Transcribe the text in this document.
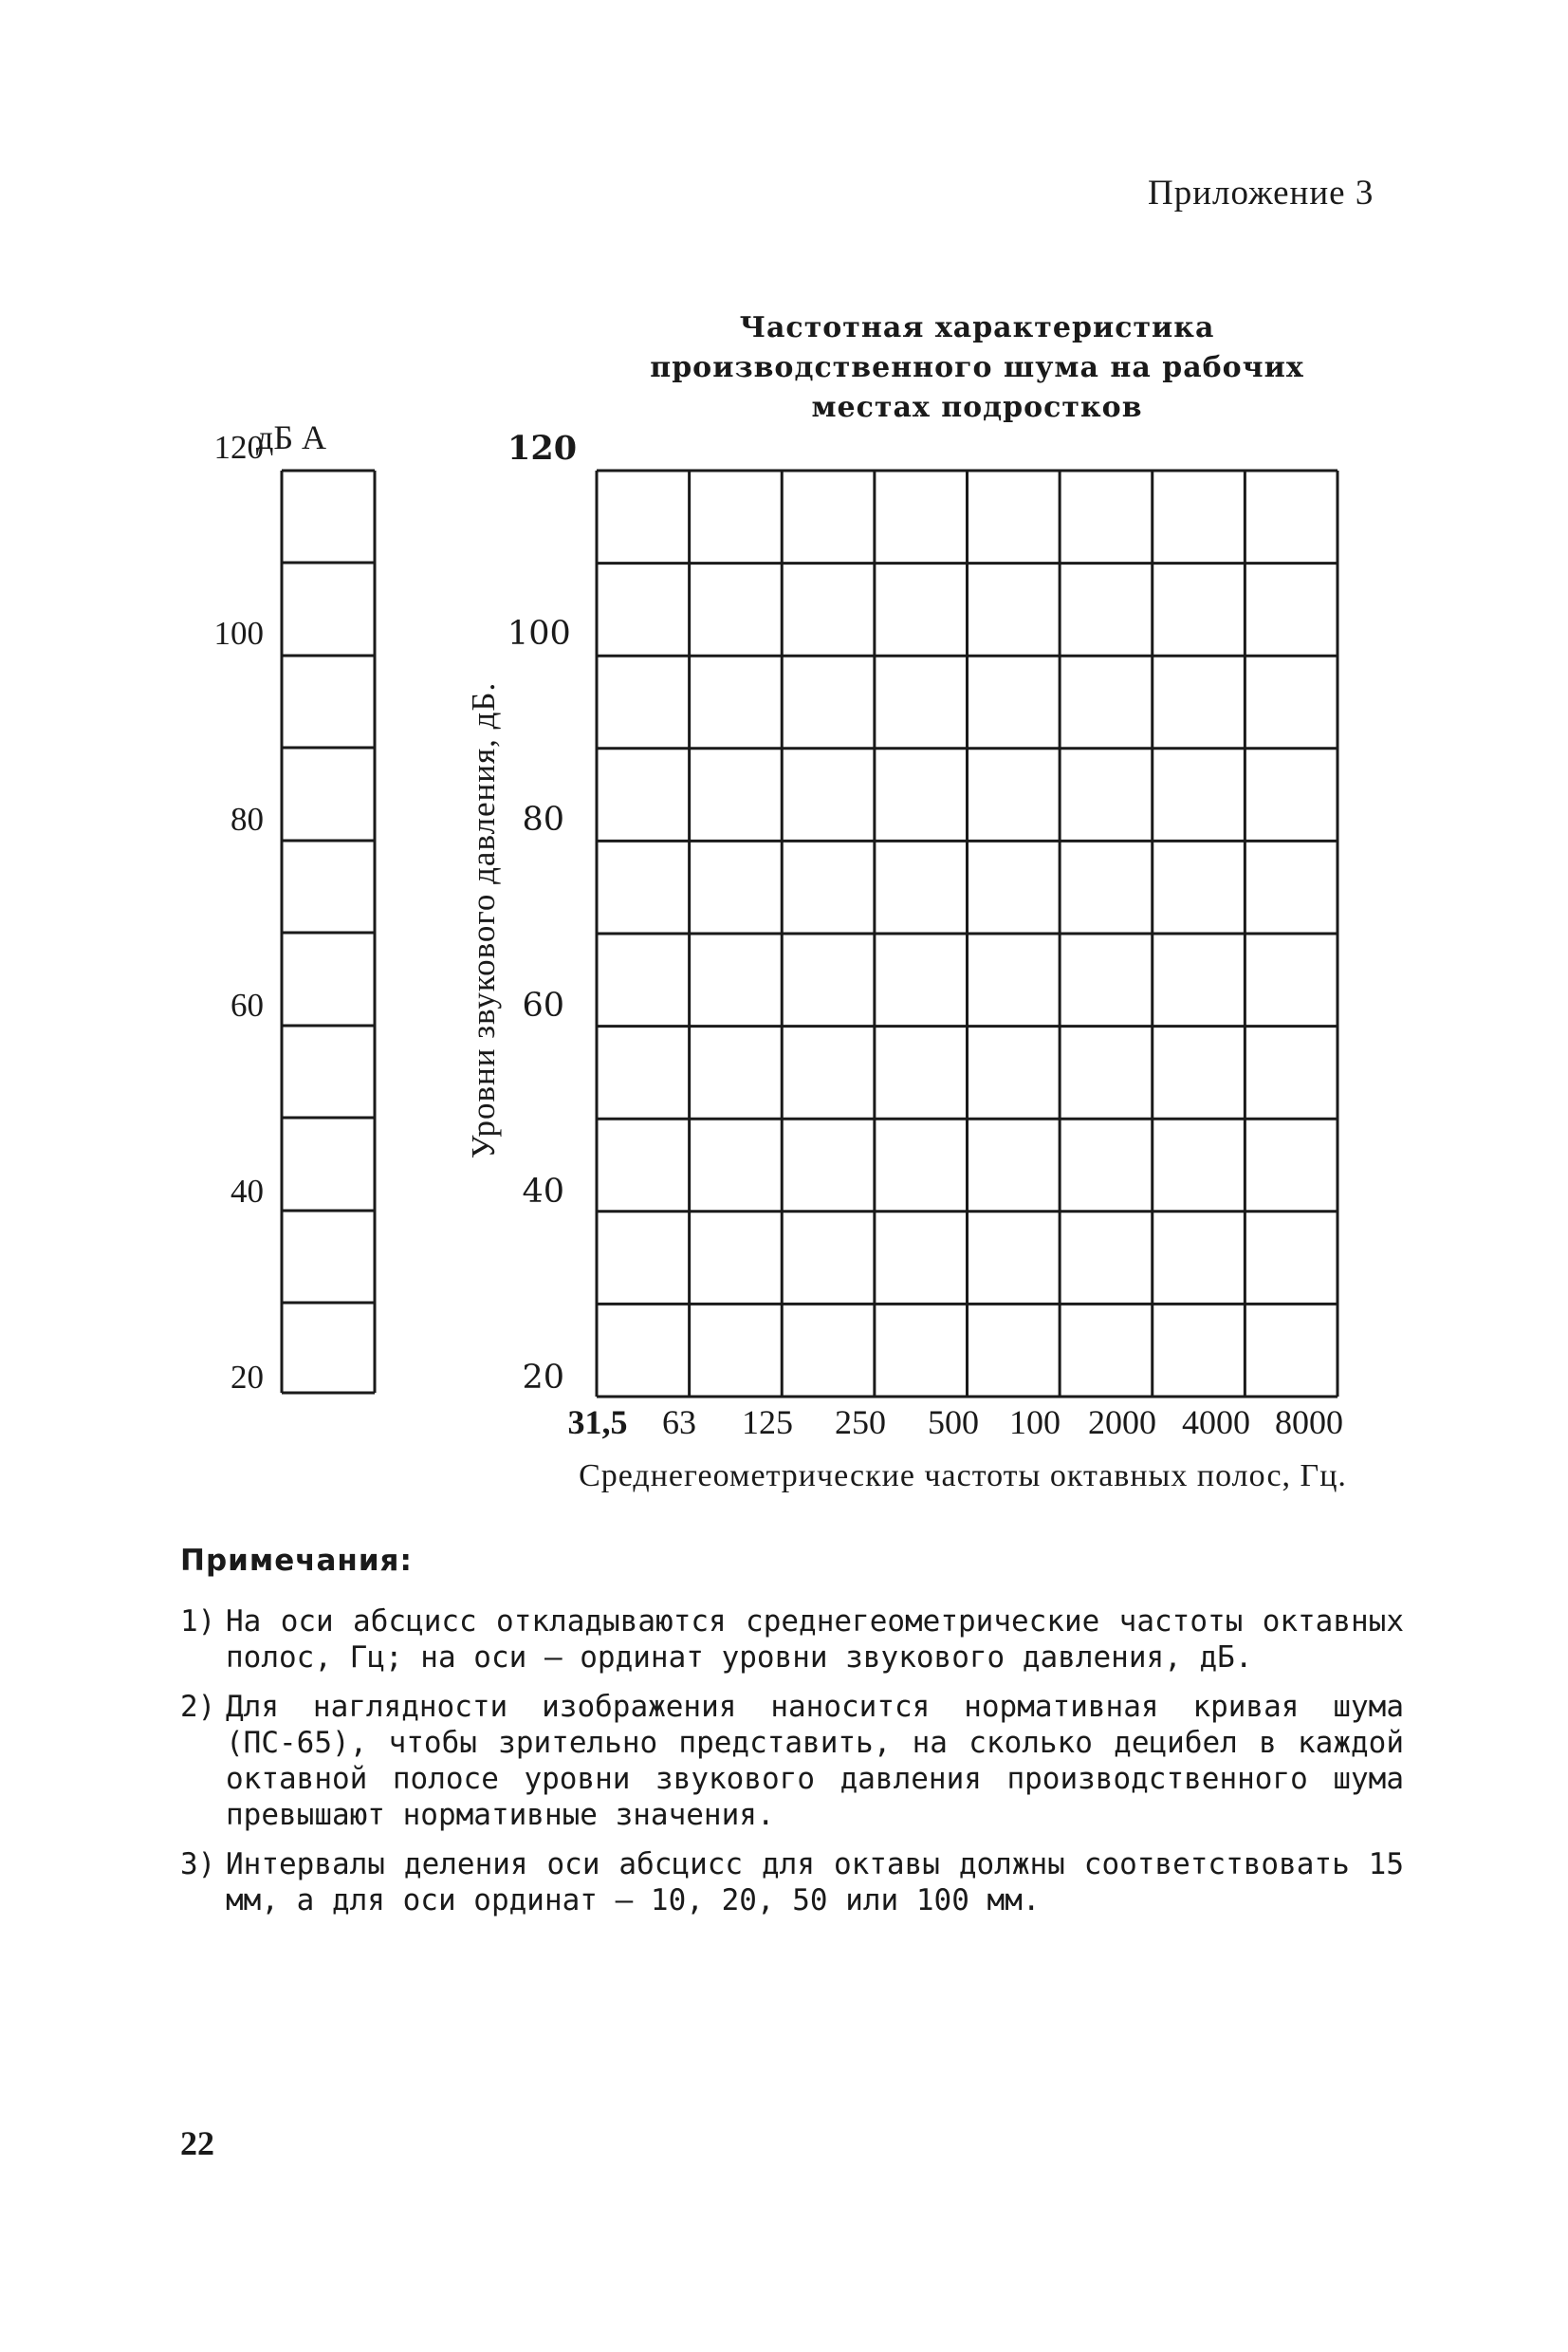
Приложение 3
Частотная характеристика производственного шума на рабочих местах подростков
дБ А
120
100
80
60
40
20
Уровни звукового давления, дБ.
120
100
80
60
40
20
31,5	63	125	250	500 100 2000 4000 8000
Среднегеометрические частоты октавных полос, Гц.
Примечания:
1) На оси абсцисс откладываются среднегеометрические частоты октавных полос, Гц; на оси — ординат уровни звукового давления, дБ.
2) Для наглядности изображения наносится нормативная кривая шума (ПС-65), чтобы зрительно представить, на сколько децибел в каждой октавной полосе уровни звукового давления производственного шума превышают нормативные значения.
3) Интервалы деления оси абсцисс для октавы должны соответствовать 15 мм, а для оси ординат — 10, 20, 50 или 100 мм.
22
